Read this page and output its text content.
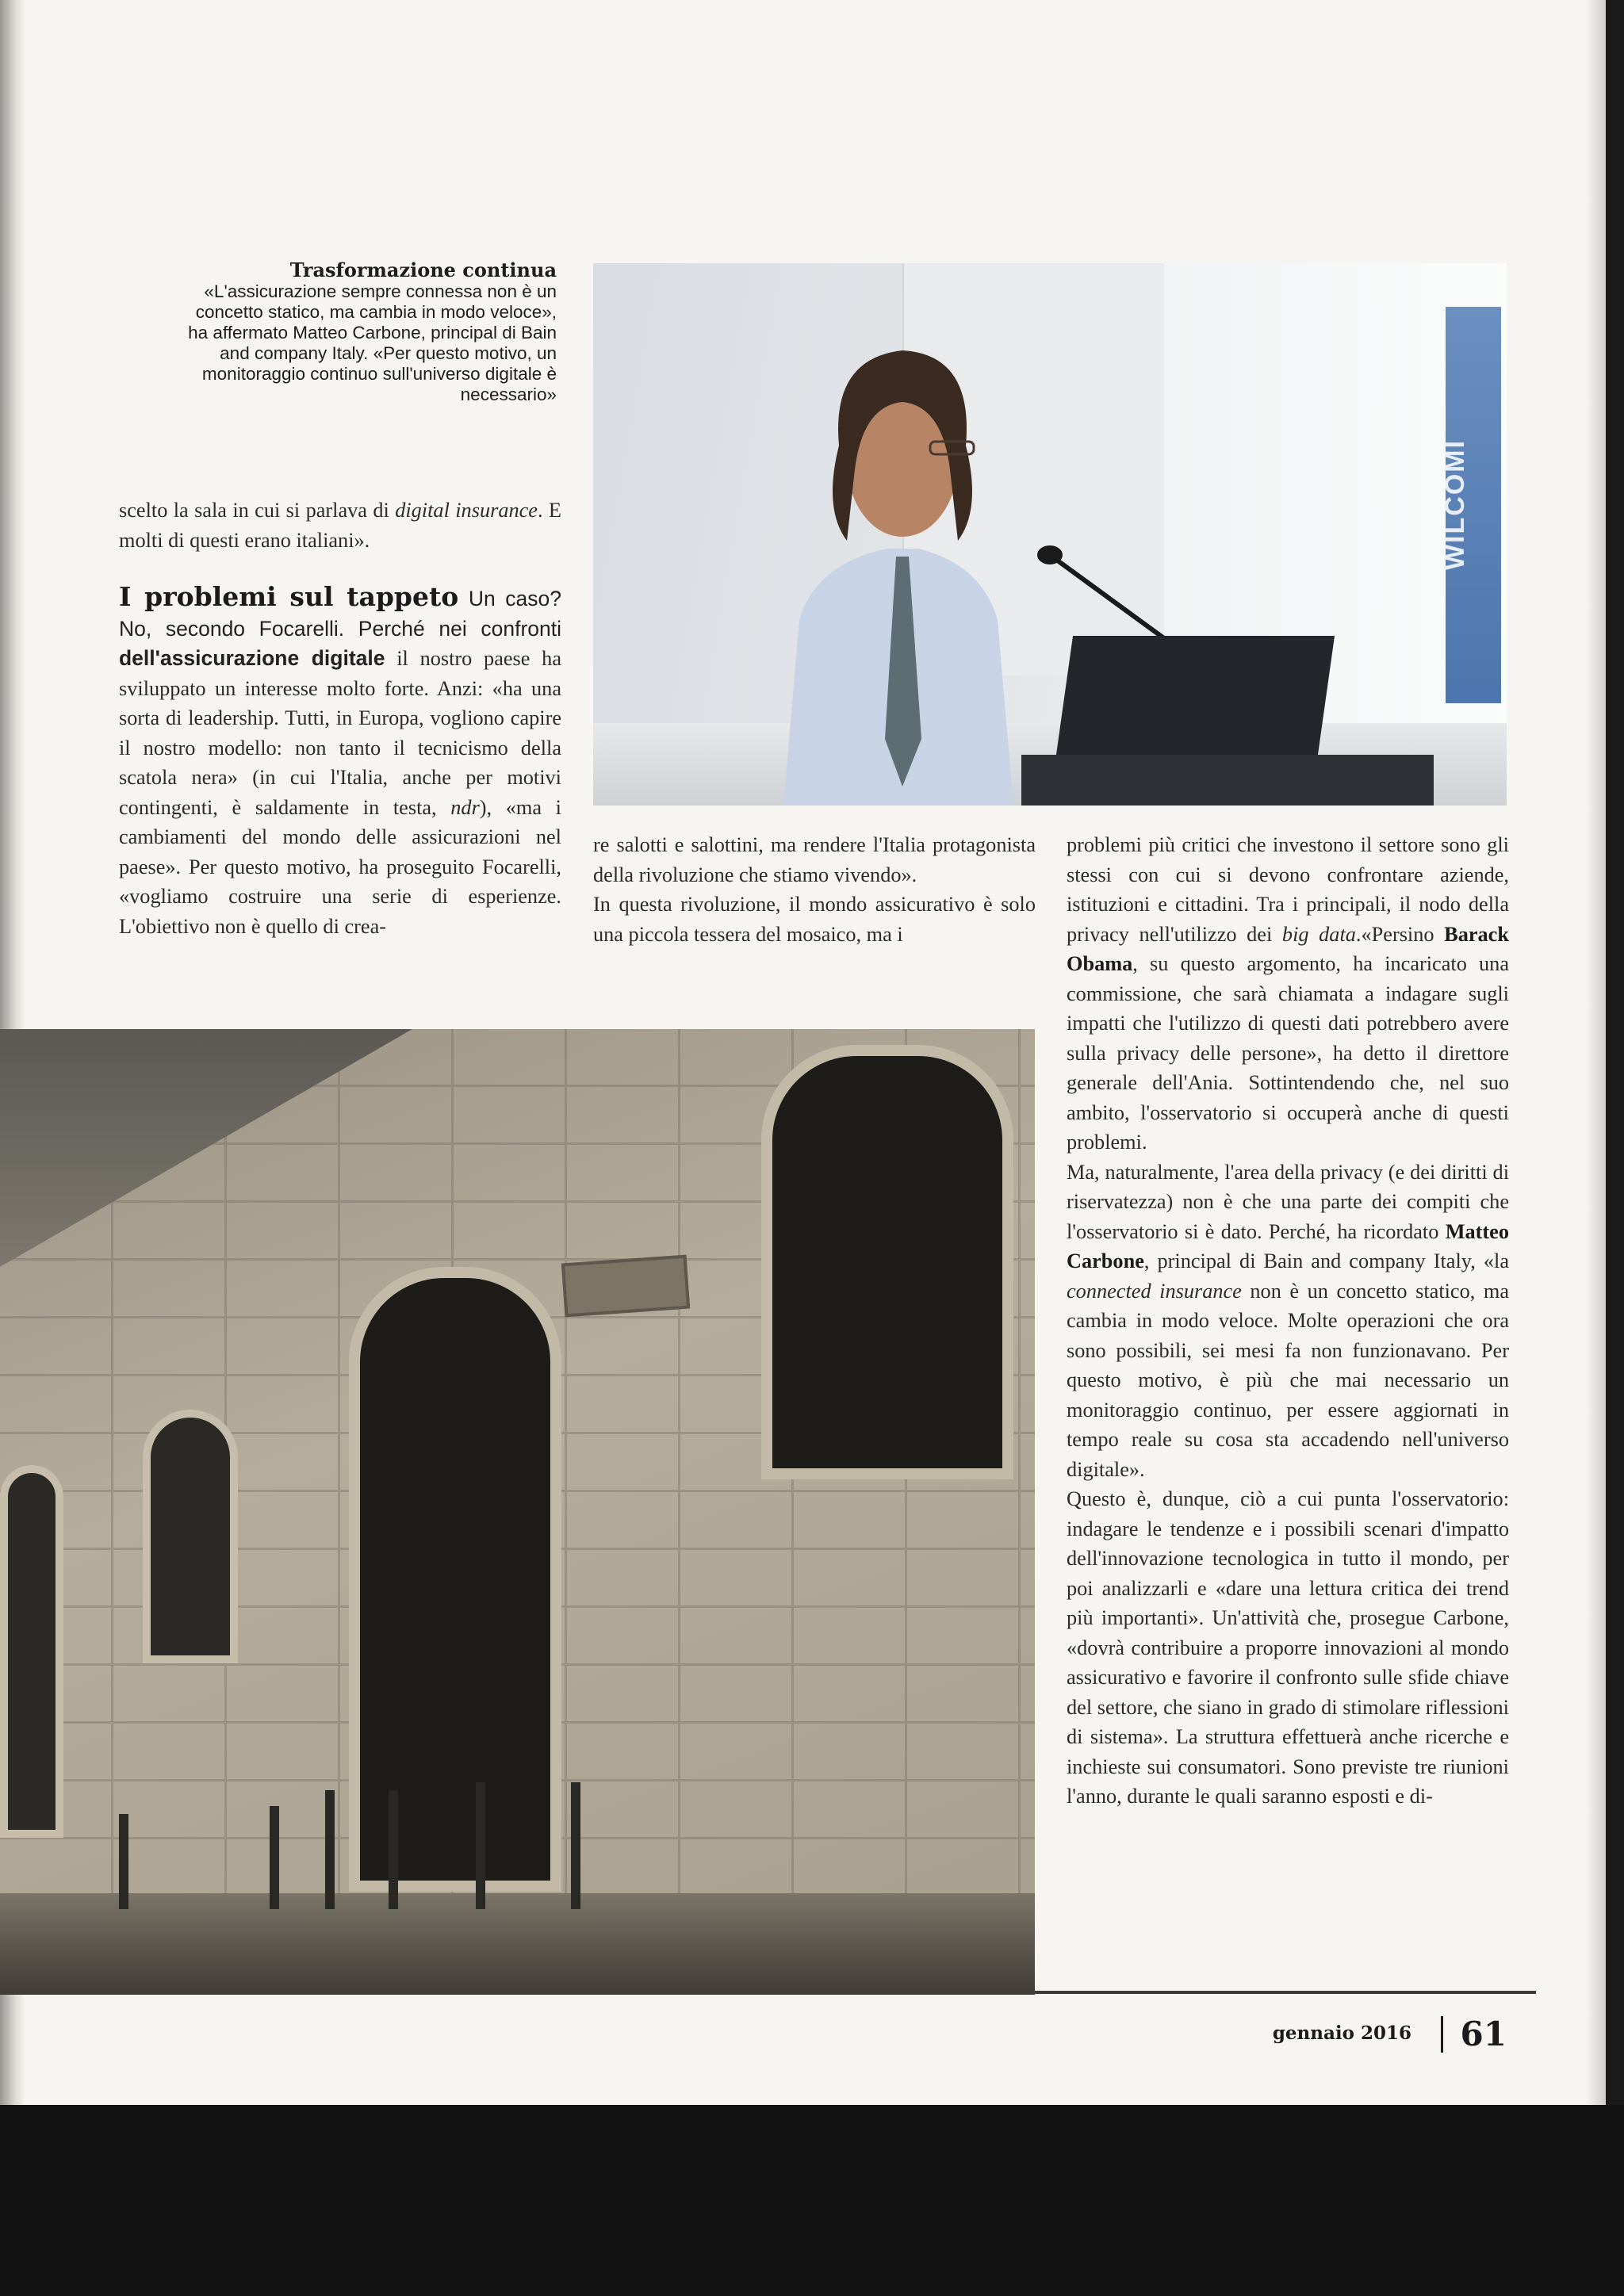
Trasformazione continua
«L'assicurazione sempre connessa non è un concetto statico, ma cambia in modo veloce», ha affermato Matteo Carbone, principal di Bain and company Italy. «Per questo motivo, un monitoraggio continuo sull'universo digitale è necessario»
WILCOMI

scelto la sala in cui si parlava di digital insurance. E molti di questi erano italiani».

I problemi sul tappeto Un caso? No, secondo Focarelli. Perché nei confronti dell'assicurazione digitale il nostro paese ha sviluppato un interesse molto forte. Anzi: «ha una sorta di leadership. Tutti, in Europa, vogliono capire il nostro modello: non tanto il tecnicismo della scatola nera» (in cui l'Italia, anche per motivi contingenti, è saldamente in testa, ndr), «ma i cambiamenti del mondo delle assicurazioni nel paese». Per questo motivo, ha proseguito Focarelli, «vogliamo costruire una serie di esperienze. L'obiettivo non è quello di crea-

re salotti e salottini, ma rendere l'Italia protagonista della rivoluzione che stiamo vivendo».

In questa rivoluzione, il mondo assicurativo è solo una piccola tessera del mosaico, ma i

problemi più critici che investono il settore sono gli stessi con cui si devono confrontare aziende, istituzioni e cittadini. Tra i principali, il nodo della privacy nell'utilizzo dei big data.«Persino Barack Obama, su questo argomento, ha incaricato una commissione, che sarà chiamata a indagare sugli impatti che l'utilizzo di questi dati potrebbero avere sulla privacy delle persone», ha detto il direttore generale dell'Ania. Sottintendendo che, nel suo ambito, l'osservatorio si occuperà anche di questi problemi.

Ma, naturalmente, l'area della privacy (e dei diritti di riservatezza) non è che una parte dei compiti che l'osservatorio si è dato. Perché, ha ricordato Matteo Carbone, principal di Bain and company Italy, «la connected insurance non è un concetto statico, ma cambia in modo veloce. Molte operazioni che ora sono possibili, sei mesi fa non funzionavano. Per questo motivo, è più che mai necessario un monitoraggio continuo, per essere aggiornati in tempo reale su cosa sta accadendo nell'universo digitale».

Questo è, dunque, ciò a cui punta l'osservatorio: indagare le tendenze e i possibili scenari d'impatto dell'innovazione tecnologica in tutto il mondo, per poi analizzarli e «dare una lettura critica dei trend più importanti». Un'attività che, prosegue Carbone, «dovrà contribuire a proporre innovazioni al mondo assicurativo e favorire il confronto sulle sfide chiave del settore, che siano in grado di stimolare riflessioni di sistema». La struttura effettuerà anche ricerche e inchieste sui consumatori. Sono previste tre riunioni l'anno, durante le quali saranno esposti e di-

gennaio 2016 61
